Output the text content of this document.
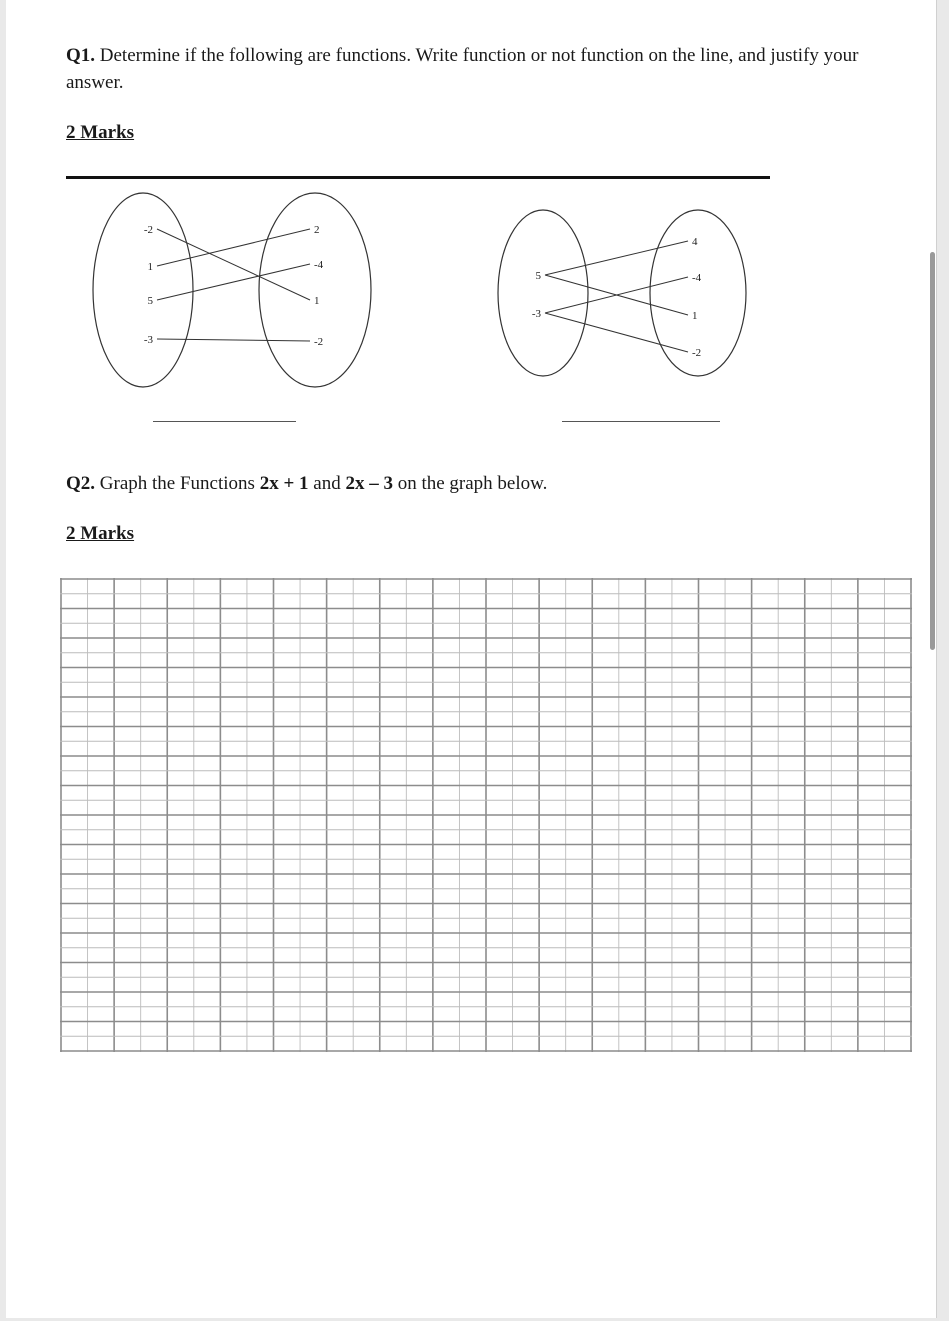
Q1. Determine if the following are functions. Write function or not function on the line, and justify your answer.
2 Marks
-2
1
5
-3
2
-4
1
-2
5
-3
4
-4
1
-2
Q2. Graph the Functions 2x + 1 and 2x – 3 on the graph below.
2 Marks
